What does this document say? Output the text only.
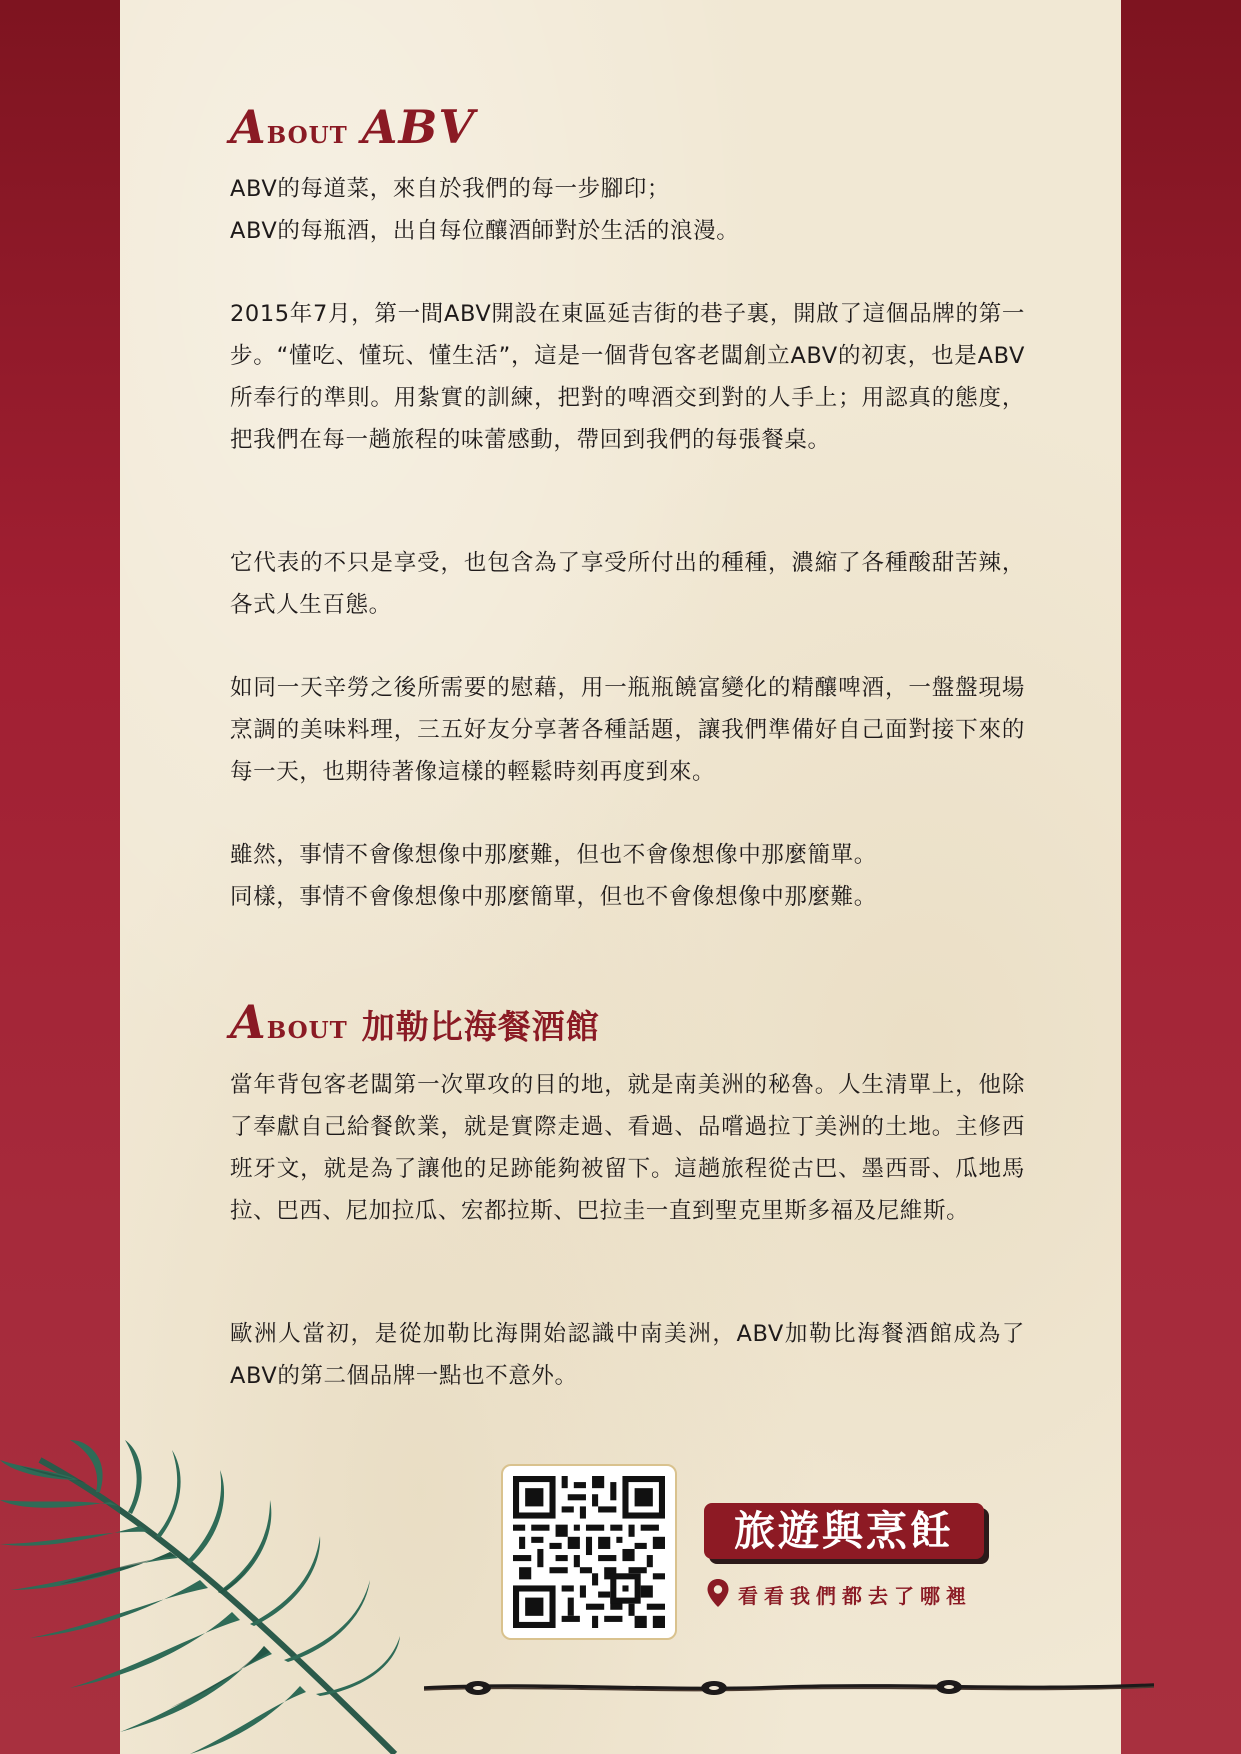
About ABV

ABV的每道菜，來自於我們的每一步腳印；
ABV的每瓶酒，出自每位釀酒師對於生活的浪漫。

2015年7月，第一間ABV開設在東區延吉街的巷子裏，開啟了這個品牌的第一步。“懂吃、懂玩、懂生活”，這是一個背包客老闆創立ABV的初衷，也是ABV所奉行的準則。用紮實的訓練，把對的啤酒交到對的人手上；用認真的態度，把我們在每一趟旅程的味蕾感動，帶回到我們的每張餐桌。

它代表的不只是享受，也包含為了享受所付出的種種，濃縮了各種酸甜苦辣，各式人生百態。

如同一天辛勞之後所需要的慰藉，用一瓶瓶饒富變化的精釀啤酒，一盤盤現場烹調的美味料理，三五好友分享著各種話題，讓我們準備好自己面對接下來的每一天，也期待著像這樣的輕鬆時刻再度到來。

雖然，事情不會像想像中那麼難，但也不會像想像中那麼簡單。
同樣，事情不會像想像中那麼簡單，但也不會像想像中那麼難。

About 加勒比海餐酒館

當年背包客老闆第一次單攻的目的地，就是南美洲的秘魯。人生清單上，他除了奉獻自己給餐飲業，就是實際走過、看過、品嚐過拉丁美洲的土地。主修西班牙文，就是為了讓他的足跡能夠被留下。這趟旅程從古巴、墨西哥、瓜地馬拉、巴西、尼加拉瓜、宏都拉斯、巴拉圭一直到聖克里斯多福及尼維斯。

歐洲人當初，是從加勒比海開始認識中南美洲，ABV加勒比海餐酒館成為了ABV的第二個品牌一點也不意外。

旅遊與烹飪
看看我們都去了哪裡
